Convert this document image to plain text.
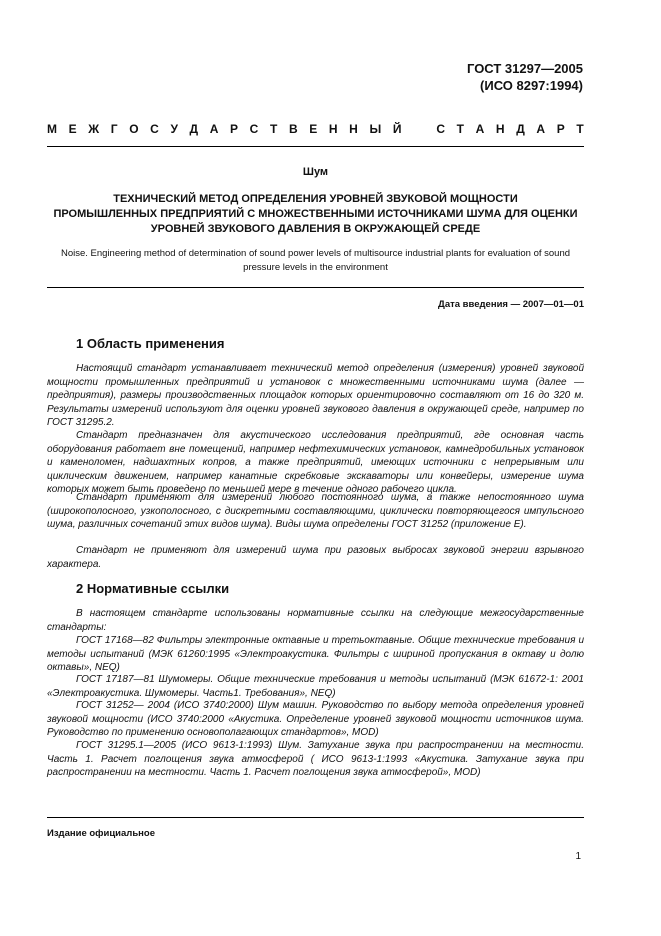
ГОСТ 31297—2005
(ИСО 8297:1994)
М Е Ж Г О С У Д А Р С Т В Е Н Н Ы Й	С Т А Н Д А Р Т
Шум
ТЕХНИЧЕСКИЙ МЕТОД ОПРЕДЕЛЕНИЯ УРОВНЕЙ ЗВУКОВОЙ МОЩНОСТИ
ПРОМЫШЛЕННЫХ ПРЕДПРИЯТИЙ С МНОЖЕСТВЕННЫМИ ИСТОЧНИКАМИ ШУМА ДЛЯ ОЦЕНКИ
УРОВНЕЙ ЗВУКОВОГО ДАВЛЕНИЯ В ОКРУЖАЮЩЕЙ СРЕДЕ
Noise. Engineering method of determination of sound power levels of multisource industrial plants for evaluation of sound
pressure levels in the environment
Дата введения — 2007—01—01
1 Область применения
Настоящий стандарт устанавливает технический метод определения (измерения) уровней звуковой мощности промышленных предприятий и установок с множественными источниками шума (далее — предприятия), размеры производственных площадок которых ориентировочно составляют от 16 до 320 м. Результаты измерений используют для оценки уровней звукового давления в окружающей среде, например по ГОСТ 31295.2.
Стандарт предназначен для акустического исследования предприятий, где основная часть оборудования работает вне помещений, например нефтехимических установок, камнедробильных установок и каменоломен, надшахтных копров, а также предприятий, имеющих источники с непрерывным или циклическим движением, например канатные скребковые экскаваторы или конвейеры, измерение шума которых может быть проведено по меньшей мере в течение одного рабочего цикла.
Стандарт применяют для измерений любого постоянного шума, а также непостоянного шума (широкополосного, узкополосного, с дискретными составляющими, циклически повторяющегося импульсного шума, различных сочетаний этих видов шума). Виды шума определены ГОСТ 31252 (приложение Е).
Стандарт не применяют для измерений шума при разовых выбросах звуковой энергии взрывного характера.
2 Нормативные ссылки
В настоящем стандарте использованы нормативные ссылки на следующие межгосударственные стандарты:
ГОСТ 17168—82 Фильтры электронные октавные и третьоктавные. Общие технические требования и методы испытаний (МЭК 61260:1995 «Электроакустика. Фильтры с шириной пропускания в октаву и долю октавы», NEQ)
ГОСТ 17187—81 Шумомеры. Общие технические требования и методы испытаний (МЭК 61672-1: 2001 «Электроакустика. Шумомеры. Часть1. Требования», NEQ)
ГОСТ 31252— 2004 (ИСО 3740:2000) Шум машин. Руководство по выбору метода определения уровней звуковой мощности (ИСО 3740:2000 «Акустика. Определение уровней звуковой мощности источников шума. Руководство по применению основополагающих стандартов», MOD)
ГОСТ 31295.1—2005 (ИСО 9613-1:1993) Шум. Затухание звука при распространении на местности. Часть 1. Расчет поглощения звука атмосферой ( ИСО 9613-1:1993 «Акустика. Затухание звука при распространении на местности. Часть 1. Расчет поглощения звука атмосферой», MOD)
Издание официальное
1
